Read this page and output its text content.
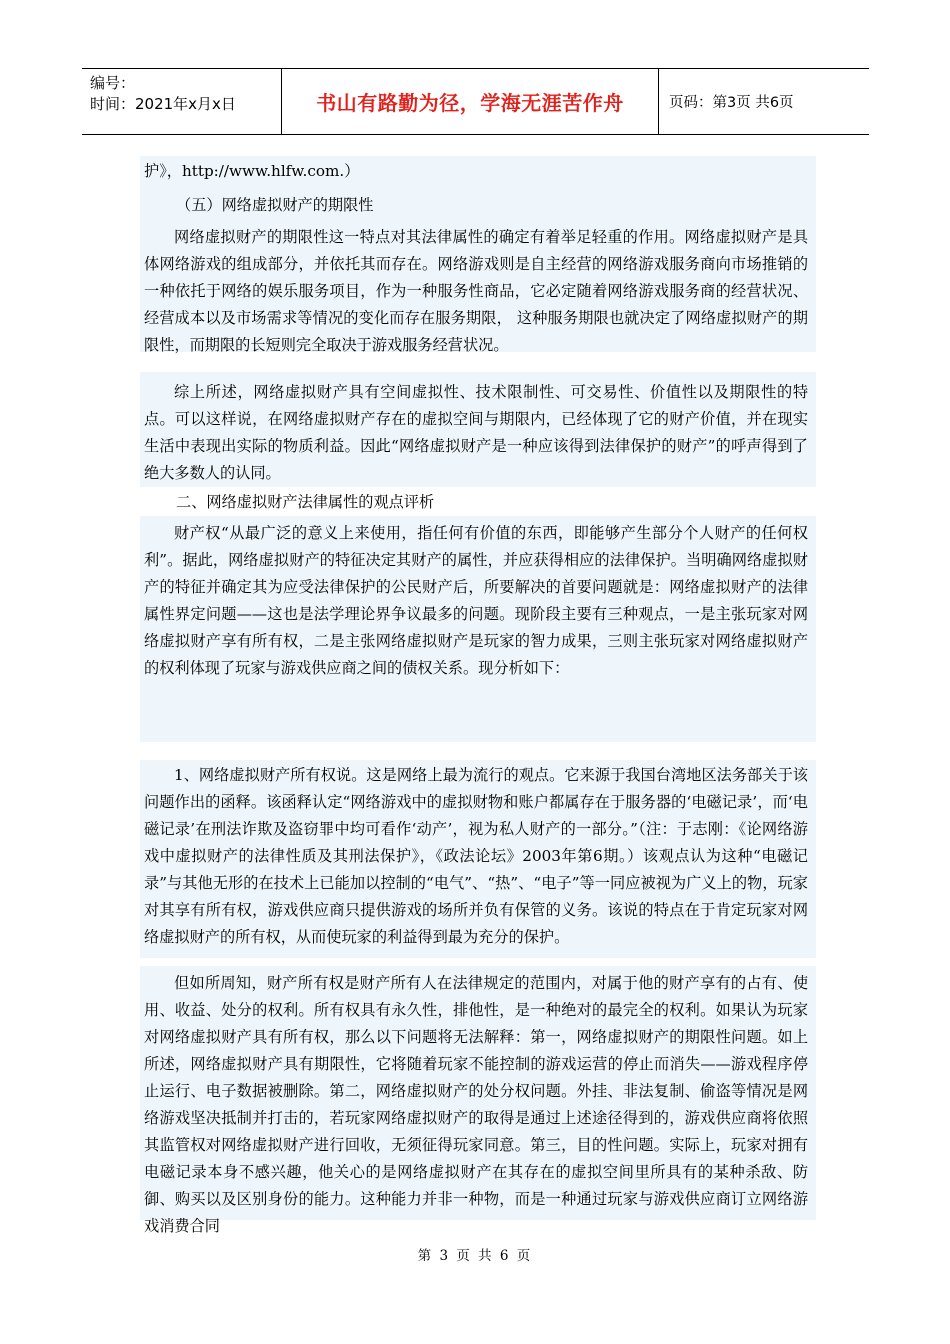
编号：
时间：2021年x月x日	书山有路勤为径，学海无涯苦作舟	页码：第3页 共6页

护》，http://www.hlfw.com.）

（五）网络虚拟财产的期限性

网络虚拟财产的期限性这一特点对其法律属性的确定有着举足轻重的作用。网络虚拟财产是具体网络游戏的组成部分，并依托其而存在。网络游戏则是自主经营的网络游戏服务商向市场推销的一种依托于网络的娱乐服务项目，作为一种服务性商品，它必定随着网络游戏服务商的经营状况、经营成本以及市场需求等情况的变化而存在服务期限， 这种服务期限也就决定了网络虚拟财产的期限性，而期限的长短则完全取决于游戏服务经营状况。

综上所述，网络虚拟财产具有空间虚拟性、技术限制性、可交易性、价值性以及期限性的特点。可以这样说，在网络虚拟财产存在的虚拟空间与期限内，已经体现了它的财产价值，并在现实生活中表现出实际的物质利益。因此“网络虚拟财产是一种应该得到法律保护的财产”的呼声得到了绝大多数人的认同。

二、网络虚拟财产法律属性的观点评析

财产权“从最广泛的意义上来使用，指任何有价值的东西，即能够产生部分个人财产的任何权利”。据此，网络虚拟财产的特征决定其财产的属性，并应获得相应的法律保护。当明确网络虚拟财产的特征并确定其为应受法律保护的公民财产后，所要解决的首要问题就是：网络虚拟财产的法律属性界定问题——这也是法学理论界争议最多的问题。现阶段主要有三种观点，一是主张玩家对网络虚拟财产享有所有权，二是主张网络虚拟财产是玩家的智力成果，三则主张玩家对网络虚拟财产的权利体现了玩家与游戏供应商之间的债权关系。现分析如下：

1、网络虚拟财产所有权说。这是网络上最为流行的观点。它来源于我国台湾地区法务部关于该问题作出的函释。该函释认定“网络游戏中的虚拟财物和账户都属存在于服务器的‘电磁记录’，而‘电磁记录’在刑法诈欺及盗窃罪中均可看作‘动产’，视为私人财产的一部分。”（注：于志刚：《论网络游戏中虚拟财产的法律性质及其刑法保护》，《政法论坛》2003年第6期。）该观点认为这种“电磁记录”与其他无形的在技术上已能加以控制的“电气”、“热”、“电子”等一同应被视为广义上的物，玩家对其享有所有权，游戏供应商只提供游戏的场所并负有保管的义务。该说的特点在于肯定玩家对网络虚拟财产的所有权，从而使玩家的利益得到最为充分的保护。

但如所周知，财产所有权是财产所有人在法律规定的范围内，对属于他的财产享有的占有、使用、收益、处分的权利。所有权具有永久性，排他性，是一种绝对的最完全的权利。如果认为玩家对网络虚拟财产具有所有权，那么以下问题将无法解释：第一，网络虚拟财产的期限性问题。如上所述，网络虚拟财产具有期限性，它将随着玩家不能控制的游戏运营的停止而消失——游戏程序停止运行、电子数据被删除。第二，网络虚拟财产的处分权问题。外挂、非法复制、偷盗等情况是网络游戏坚决抵制并打击的，若玩家网络虚拟财产的取得是通过上述途径得到的，游戏供应商将依照其监管权对网络虚拟财产进行回收，无须征得玩家同意。第三，目的性问题。实际上，玩家对拥有电磁记录本身不感兴趣，他关心的是网络虚拟财产在其存在的虚拟空间里所具有的某种杀敌、防御、购买以及区别身份的能力。这种能力并非一种物，而是一种通过玩家与游戏供应商订立网络游戏消费合同

第 3 页 共 6 页
